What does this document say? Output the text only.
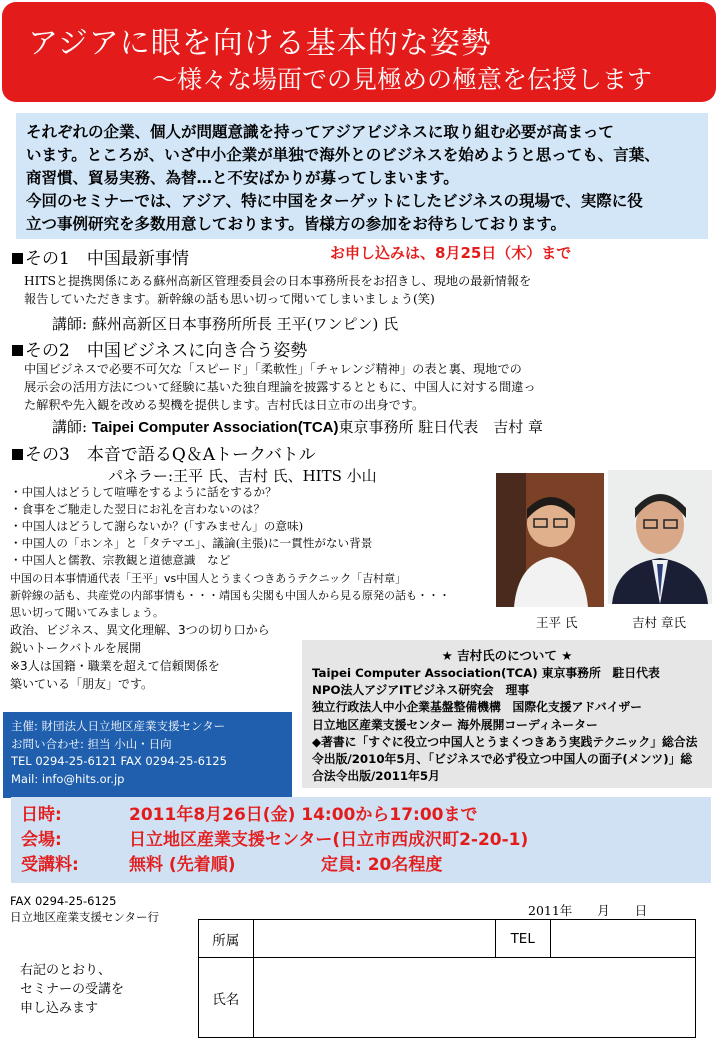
アジアに眼を向ける基本的な姿勢
～様々な場面での見極めの極意を伝授します
それぞれの企業、個人が問題意識を持ってアジアビジネスに取り組む必要が高まって
います。ところが、いざ中小企業が単独で海外とのビジネスを始めようと思っても、言葉、
商習慣、貿易実務、為替…と不安ばかりが募ってしまいます。
今回のセミナーでは、アジア、特に中国をターゲットにしたビジネスの現場で、実際に役
立つ事例研究を多数用意しております。皆様方の参加をお待ちしております。
お申し込みは、8月25日（木）まで
その1　中国最新事情
HITSと提携関係にある蘇州高新区管理委員会の日本事務所長をお招きし、現地の最新情報を
報告していただきます。新幹線の話も思い切って聞いてしまいましょう(笑)
講師: 蘇州高新区日本事務所所長 王平(ワンピン) 氏
その2　中国ビジネスに向き合う姿勢
中国ビジネスで必要不可欠な「スピード」「柔軟性」「チャレンジ精神」の表と裏、現地での
展示会の活用方法について経験に基いた独自理論を披露するとともに、中国人に対する間違っ
た解釈や先入観を改める契機を提供します。吉村氏は日立市の出身です。
講師: Taipei Computer Association(TCA)東京事務所 駐日代表　吉村 章
その3　本音で語るQ＆Aトークバトル
パネラー:王平 氏、吉村 氏、HITS 小山
・中国人はどうして喧嘩をするように話をするか？
・食事をご馳走した翌日にお礼を言わないのは？
・中国人はどうして謝らないか？(「すみません」の意味)
・中国人の「ホンネ」と「タテマエ」、議論(主張)に一貫性がない背景
・中国人と儒教、宗教観と道徳意識　など
中国の日本事情通代表「王平」vs中国人とうまくつきあうテクニック「吉村章」
新幹線の話も、共産党の内部事情も・・・靖国も尖閣も中国人から見る原発の話も・・・
思い切って聞いてみましょう。
政治、ビジネス、異文化理解、3つの切り口から
鋭いトークバトルを展開
※3人は国籍・職業を超えて信頼関係を
築いている「朋友」です。
王平 氏	吉村 章氏
★ 吉村氏のについて ★
Taipei Computer Association(TCA) 東京事務所　駐日代表
NPO法人アジアITビジネス研究会　理事
独立行政法人中小企業基盤整備機構　国際化支援アドバイザー
日立地区産業支援センター 海外展開コーディネーター
◆著書に「すぐに役立つ中国人とうまくつきあう実践テクニック」総合法
令出版/2010年5月、「ビジネスで必ず役立つ中国人の面子(メンツ)」総
合法令出版/2011年5月
主催: 財団法人日立地区産業支援センター
お問い合わせ: 担当 小山・日向
TEL 0294-25-6121 FAX 0294-25-6125
Mail: info@hits.or.jp
日時:	2011年8月26日(金) 14:00から17:00まで
会場:	日立地区産業支援センター(日立市西成沢町2-20-1)
受講料:	無料 (先着順)	定員: 20名程度
FAX 0294-25-6125
日立地区産業支援センター行	2011年　　月　　日
所属		TEL	
氏名			
右記のとおり、
セミナーの受講を
申し込みます
